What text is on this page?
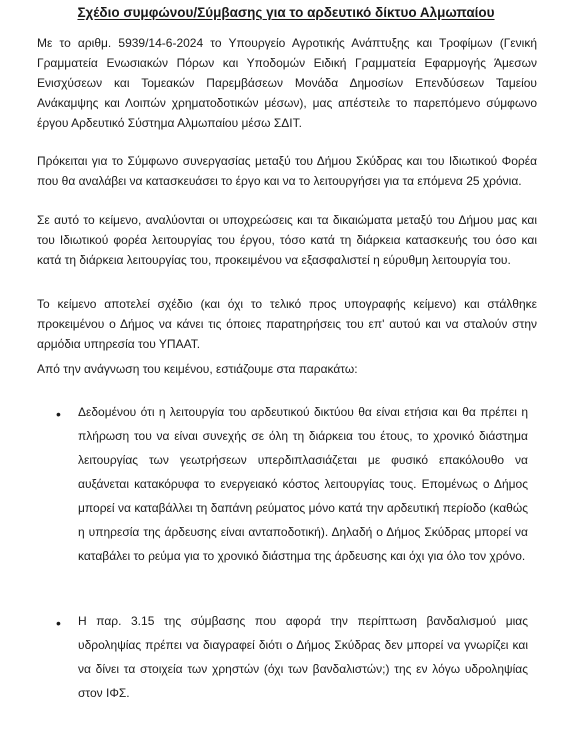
Σχέδιο συμφώνου/Σύμβασης για το αρδευτικό δίκτυο Αλμωπαίου
Με το αριθμ. 5939/14-6-2024 το Υπουργείο Αγροτικής Ανάπτυξης και Τροφίμων (Γενική Γραμματεία Ενωσιακών Πόρων και Υποδομών Ειδική Γραμματεία Εφαρμογής Άμεσων Ενισχύσεων και Τομεακών Παρεμβάσεων Μονάδα Δημοσίων Επενδύσεων Ταμείου Ανάκαμψης και Λοιπών χρηματοδοτικών μέσων), μας απέστειλε το παρεπόμενο σύμφωνο έργου Αρδευτικό Σύστημα Αλμωπαίου μέσω ΣΔΙΤ.
Πρόκειται για το Σύμφωνο συνεργασίας μεταξύ του Δήμου Σκύδρας και του Ιδιωτικού Φορέα που θα αναλάβει να κατασκευάσει το έργο και να το λειτουργήσει για τα επόμενα 25 χρόνια.
Σε αυτό το κείμενο, αναλύονται οι υποχρεώσεις και τα δικαιώματα μεταξύ του Δήμου μας και του Ιδιωτικού φορέα λειτουργίας του έργου, τόσο κατά τη διάρκεια κατασκευής του όσο και κατά τη διάρκεια λειτουργίας του, προκειμένου να εξασφαλιστεί η εύρυθμη λειτουργία του.
Το κείμενο αποτελεί σχέδιο (και όχι το τελικό προς υπογραφής κείμενο) και στάλθηκε προκειμένου ο Δήμος να κάνει τις όποιες παρατηρήσεις του επ' αυτού και να σταλούν στην αρμόδια υπηρεσία του ΥΠΑΑΤ.
Από την ανάγνωση του κειμένου, εστιάζουμε στα παρακάτω:
• Δεδομένου ότι η λειτουργία του αρδευτικού δικτύου θα είναι ετήσια και θα πρέπει η πλήρωση του να είναι συνεχής σε όλη τη διάρκεια του έτους, το χρονικό διάστημα λειτουργίας των γεωτρήσεων υπερδιπλασιάζεται με φυσικό επακόλουθο να αυξάνεται κατακόρυφα το ενεργειακό κόστος λειτουργίας τους. Επομένως ο Δήμος μπορεί να καταβάλλει τη δαπάνη ρεύματος μόνο κατά την αρδευτική περίοδο (καθώς η υπηρεσία της άρδευσης είναι ανταποδοτική). Δηλαδή ο Δήμος Σκύδρας μπορεί να καταβάλει το ρεύμα για το χρονικό διάστημα της άρδευσης και όχι για όλο τον χρόνο.
• Η παρ. 3.15 της σύμβασης που αφορά την περίπτωση βανδαλισμού μιας υδροληψίας πρέπει να διαγραφεί διότι ο Δήμος Σκύδρας δεν μπορεί να γνωρίζει και να δίνει τα στοιχεία των χρηστών (όχι των βανδαλιστών;) της εν λόγω υδροληψίας στον ΙΦΣ.
